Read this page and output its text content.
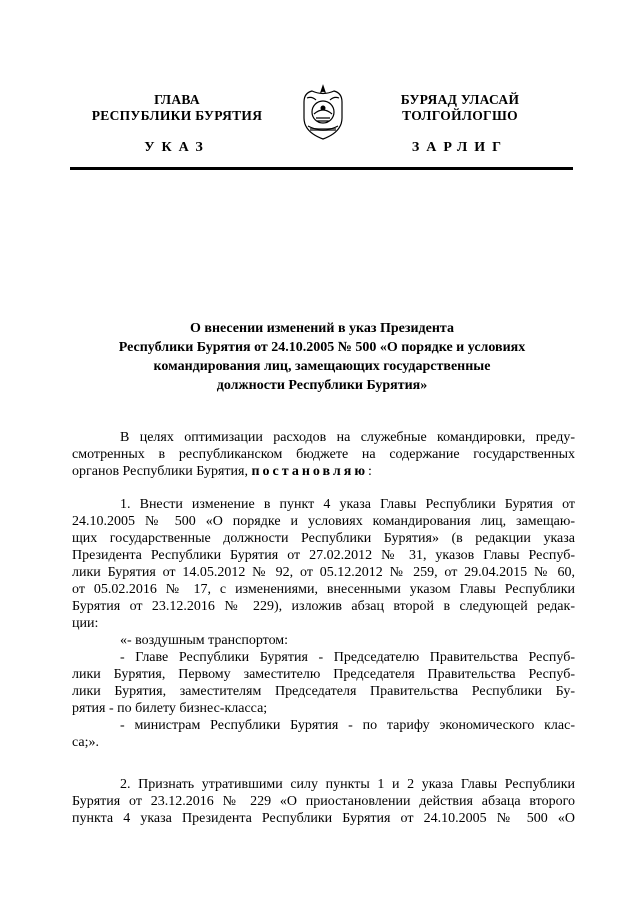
ГЛАВА
РЕСПУБЛИКИ БУРЯТИЯ
БУРЯАД УЛАСАЙ
ТОЛГОЙЛОГШО
УКАЗ	ЗАРЛИГ
О внесении изменений в указ Президента
Республики Бурятия от 24.10.2005 № 500 «О порядке и условиях
командирования лиц, замещающих государственные
должности Республики Бурятия»
В целях оптимизации расходов на служебные командировки, преду-
смотренных в республиканском бюджете на содержание государственных
органов Республики Бурятия, постановляю:
1. Внести изменение в пункт 4 указа Главы Республики Бурятия от
24.10.2005 № 500 «О порядке и условиях командирования лиц, замещаю-
щих государственные должности Республики Бурятия» (в редакции указа
Президента Республики Бурятия от 27.02.2012 № 31, указов Главы Респуб-
лики Бурятия от 14.05.2012 № 92, от 05.12.2012 № 259, от 29.04.2015 № 60,
от 05.02.2016 № 17, с изменениями, внесенными указом Главы Республики
Бурятия от 23.12.2016 № 229), изложив абзац второй в следующей редак-
ции:
«- воздушным транспортом:
- Главе Республики Бурятия - Председателю Правительства Респуб-
лики Бурятия, Первому заместителю Председателя Правительства Респуб-
лики Бурятия, заместителям Председателя Правительства Республики Бу-
рятия - по билету бизнес-класса;
- министрам Республики Бурятия - по тарифу экономического клас-
са;».
2. Признать утратившими силу пункты 1 и 2 указа Главы Республики
Бурятия от 23.12.2016 № 229 «О приостановлении действия абзаца второго
пункта 4 указа Президента Республики Бурятия от 24.10.2005 № 500 «О
